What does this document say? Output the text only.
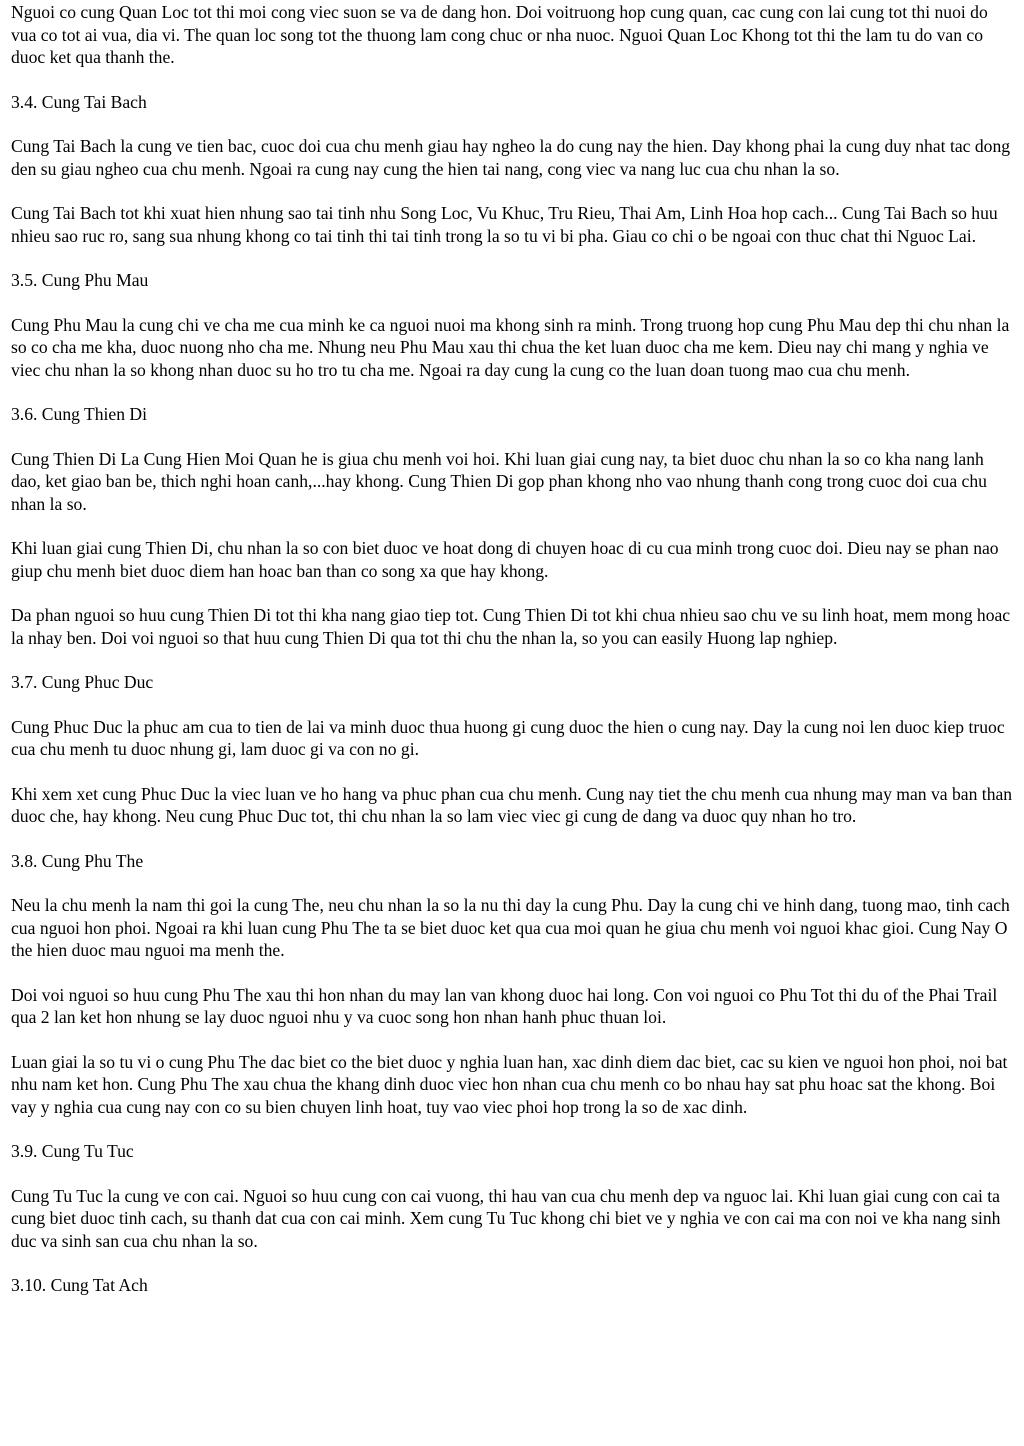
Nguoi co cung Quan Loc tot thi moi cong viec suon se va de dang hon. Doi voitruong hop cung quan, cac cung con lai cung tot thi nuoi do vua co tot ai vua, dia vi. The quan loc song tot the thuong lam cong chuc or nha nuoc. Nguoi Quan Loc Khong tot thi the lam tu do van co duoc ket qua thanh the.

3.4. Cung Tai Bach

Cung Tai Bach la cung ve tien bac, cuoc doi cua chu menh giau hay ngheo la do cung nay the hien. Day khong phai la cung duy nhat tac dong den su giau ngheo cua chu menh. Ngoai ra cung nay cung the hien tai nang, cong viec va nang luc cua chu nhan la so.

Cung Tai Bach tot khi xuat hien nhung sao tai tinh nhu Song Loc, Vu Khuc, Tru Rieu, Thai Am, Linh Hoa hop cach... Cung Tai Bach so huu nhieu sao ruc ro, sang sua nhung khong co tai tinh thi tai tinh trong la so tu vi bi pha. Giau co chi o be ngoai con thuc chat thi Nguoc Lai.

3.5. Cung Phu Mau

Cung Phu Mau la cung chi ve cha me cua minh ke ca nguoi nuoi ma khong sinh ra minh. Trong truong hop cung Phu Mau dep thi chu nhan la so co cha me kha, duoc nuong nho cha me. Nhung neu Phu Mau xau thi chua the ket luan duoc cha me kem. Dieu nay chi mang y nghia ve viec chu nhan la so khong nhan duoc su ho tro tu cha me. Ngoai ra day cung la cung co the luan doan tuong mao cua chu menh.

3.6. Cung Thien Di

Cung Thien Di La Cung Hien Moi Quan he is giua chu menh voi hoi. Khi luan giai cung nay, ta biet duoc chu nhan la so co kha nang lanh dao, ket giao ban be, thich nghi hoan canh,...hay khong. Cung Thien Di gop phan khong nho vao nhung thanh cong trong cuoc doi cua chu nhan la so.

Khi luan giai cung Thien Di, chu nhan la so con biet duoc ve hoat dong di chuyen hoac di cu cua minh trong cuoc doi. Dieu nay se phan nao giup chu menh biet duoc diem han hoac ban than co song xa que hay khong.

Da phan nguoi so huu cung Thien Di tot thi kha nang giao tiep tot. Cung Thien Di tot khi chua nhieu sao chu ve su linh hoat, mem mong hoac la nhay ben. Doi voi nguoi so that huu cung Thien Di qua tot thi chu the nhan la, so you can easily Huong lap nghiep.

3.7. Cung Phuc Duc

Cung Phuc Duc la phuc am cua to tien de lai va minh duoc thua huong gi cung duoc the hien o cung nay. Day la cung noi len duoc kiep truoc cua chu menh tu duoc nhung gi, lam duoc gi va con no gi.

Khi xem xet cung Phuc Duc la viec luan ve ho hang va phuc phan cua chu menh. Cung nay tiet the chu menh cua nhung may man va ban than duoc che, hay khong. Neu cung Phuc Duc tot, thi chu nhan la so lam viec viec gi cung de dang va duoc quy nhan ho tro.

3.8. Cung Phu The

Neu la chu menh la nam thi goi la cung The, neu chu nhan la so la nu thi day la cung Phu. Day la cung chi ve hinh dang, tuong mao, tinh cach cua nguoi hon phoi. Ngoai ra khi luan cung Phu The ta se biet duoc ket qua cua moi quan he giua chu menh voi nguoi khac gioi. Cung Nay O the hien duoc mau nguoi ma menh the.

Doi voi nguoi so huu cung Phu The xau thi hon nhan du may lan van khong duoc hai long. Con voi nguoi co Phu Tot thi du of the Phai Trail qua 2 lan ket hon nhung se lay duoc nguoi nhu y va cuoc song hon nhan hanh phuc thuan loi.

Luan giai la so tu vi o cung Phu The dac biet co the biet duoc y nghia luan han, xac dinh diem dac biet, cac su kien ve nguoi hon phoi, noi bat nhu nam ket hon. Cung Phu The xau chua the khang dinh duoc viec hon nhan cua chu menh co bo nhau hay sat phu hoac sat the khong. Boi vay y nghia cua cung nay con co su bien chuyen linh hoat, tuy vao viec phoi hop trong la so de xac dinh.

3.9. Cung Tu Tuc

Cung Tu Tuc la cung ve con cai. Nguoi so huu cung con cai vuong, thi hau van cua chu menh dep va nguoc lai. Khi luan giai cung con cai ta cung biet duoc tinh cach, su thanh dat cua con cai minh. Xem cung Tu Tuc khong chi biet ve y nghia ve con cai ma con noi ve kha nang sinh duc va sinh san cua chu nhan la so.

3.10. Cung Tat Ach
